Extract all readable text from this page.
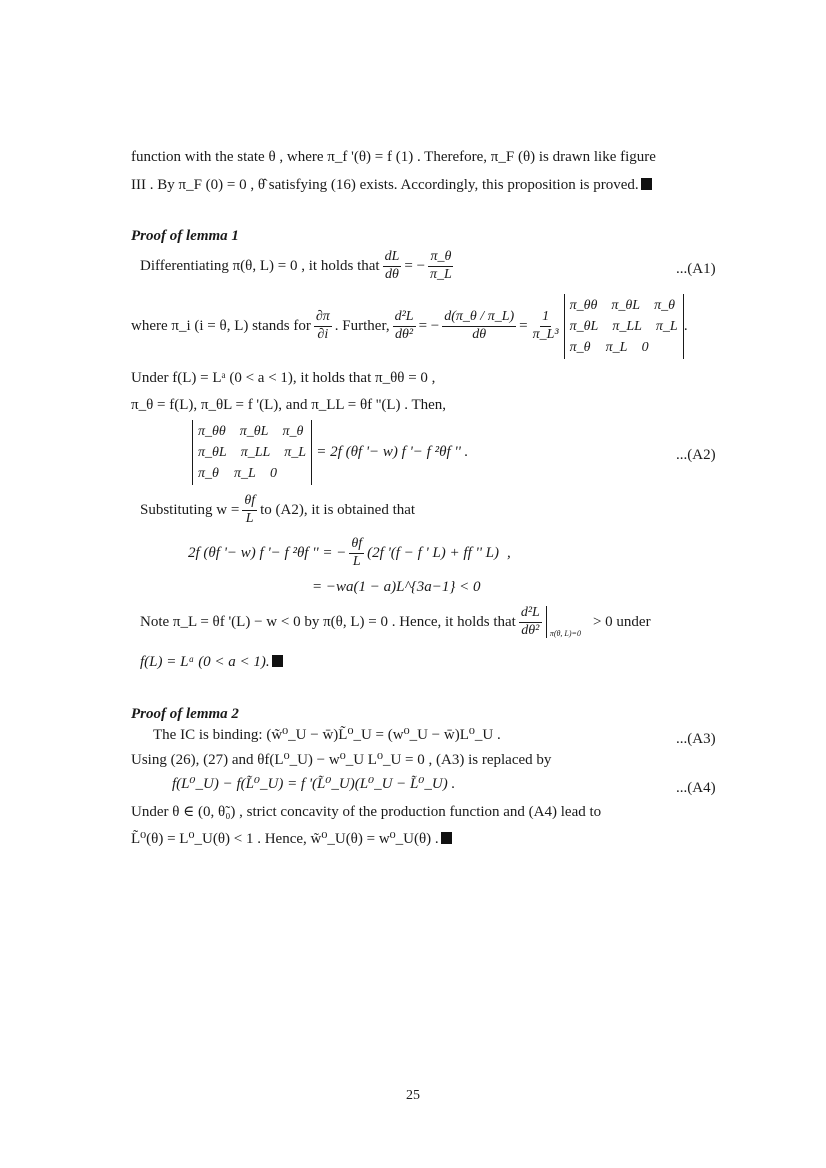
function with the state θ , where π_f '(θ) = f (1) . Therefore, π_F (θ) is drawn like figure
III . By π_F (0) = 0 , θ̂ satisfying (16) exists. Accordingly, this proposition is proved.
Proof of lemma 1
Differentiating π(θ, L) = 0 , it holds that $\frac{dL}{d\theta}$ = − $\frac{\pi\_\theta}{\pi\_L}$	...(A1)
where π_i (i = θ, L) stands for $\frac{\partial\pi}{\partial i}$ . Further, $\frac{\text{d²L}}{\text{dθ²}}$ = − $\frac{d(\pi\_\theta / \pi\_L)}{d\theta} = \frac{1}{\text{π\_L³}}$
π_θθ π_θL π_θ
π_θL π_LL π_L
π_θ π_L 0
.
Under f(L) = Lᵃ (0 < a < 1), it holds that π_θθ = 0 ,
π_θ = f(L), π_θL = f '(L), and π_LL = θf ''(L) . Then,
π_θθ π_θL π_θ
π_θL π_LL π_L
π_θ π_L 0
= 2f (θf '− w) f '− f ²θf '' .	...(A2)
Substituting $w = \frac{\theta f}{L}$ to (A2), it is obtained that
2f (θf '− w) f '− f ²θf '' = − $\frac{\theta f}{L} (2f$ '(f − f ' L) + ff '' L) ,
= −wa(1 − a)L^{3a−1} < 0
Note π_L = θf '(L) − w < 0 by π(θ, L) = 0 . Hence, it holds that $\frac{\text{d²L}}{\text{dθ²}} \pi(\theta$, L)=0
> 0 under
f(L) = Lᵃ (0 < a < 1).
Proof of lemma 2
The IC is binding: (w̃⁰_U − w̄)L̃⁰_U = (w⁰_U − w̄)L⁰_U .	...(A3)
Using (26), (27) and θf(L⁰_U) − w⁰_U L⁰_U = 0 , (A3) is replaced by
f(L⁰_U) − f(L̃⁰_U) = f '(L̃⁰_U)(L⁰_U − L̃⁰_U) .	...(A4)
Under θ ∈ (0, θ̃₀) , strict concavity of the production function and (A4) lead to
L̃⁰(θ) = L⁰_U(θ) < 1 . Hence, w̃⁰_U(θ) = w⁰_U(θ) .
25
